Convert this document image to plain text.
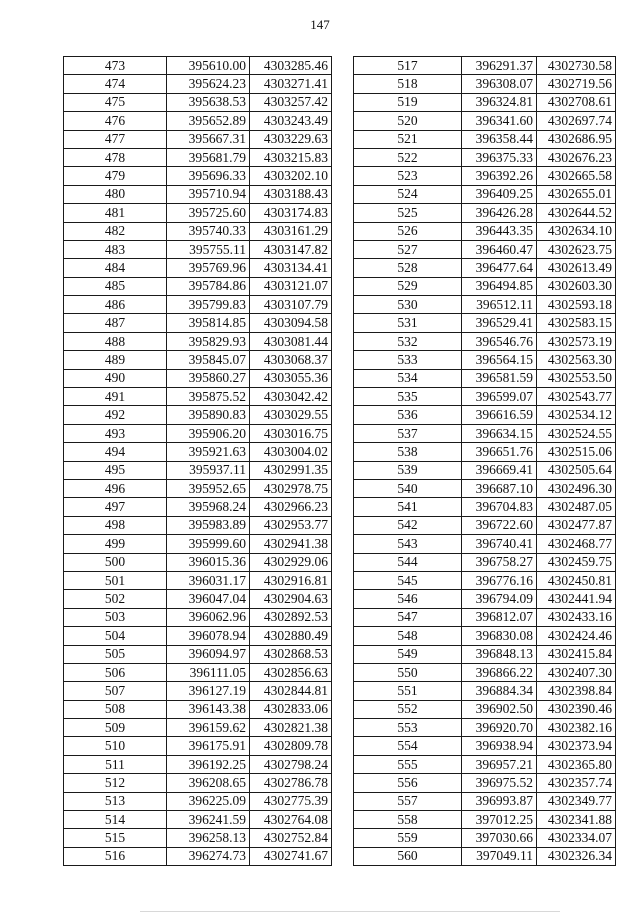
147
473	395610.00	4303285.46
474	395624.23	4303271.41
475	395638.53	4303257.42
476	395652.89	4303243.49
477	395667.31	4303229.63
478	395681.79	4303215.83
479	395696.33	4303202.10
480	395710.94	4303188.43
481	395725.60	4303174.83
482	395740.33	4303161.29
483	395755.11	4303147.82
484	395769.96	4303134.41
485	395784.86	4303121.07
486	395799.83	4303107.79
487	395814.85	4303094.58
488	395829.93	4303081.44
489	395845.07	4303068.37
490	395860.27	4303055.36
491	395875.52	4303042.42
492	395890.83	4303029.55
493	395906.20	4303016.75
494	395921.63	4303004.02
495	395937.11	4302991.35
496	395952.65	4302978.75
497	395968.24	4302966.23
498	395983.89	4302953.77
499	395999.60	4302941.38
500	396015.36	4302929.06
501	396031.17	4302916.81
502	396047.04	4302904.63
503	396062.96	4302892.53
504	396078.94	4302880.49
505	396094.97	4302868.53
506	396111.05	4302856.63
507	396127.19	4302844.81
508	396143.38	4302833.06
509	396159.62	4302821.38
510	396175.91	4302809.78
511	396192.25	4302798.24
512	396208.65	4302786.78
513	396225.09	4302775.39
514	396241.59	4302764.08
515	396258.13	4302752.84
516	396274.73	4302741.67
517	396291.37	4302730.58
518	396308.07	4302719.56
519	396324.81	4302708.61
520	396341.60	4302697.74
521	396358.44	4302686.95
522	396375.33	4302676.23
523	396392.26	4302665.58
524	396409.25	4302655.01
525	396426.28	4302644.52
526	396443.35	4302634.10
527	396460.47	4302623.75
528	396477.64	4302613.49
529	396494.85	4302603.30
530	396512.11	4302593.18
531	396529.41	4302583.15
532	396546.76	4302573.19
533	396564.15	4302563.30
534	396581.59	4302553.50
535	396599.07	4302543.77
536	396616.59	4302534.12
537	396634.15	4302524.55
538	396651.76	4302515.06
539	396669.41	4302505.64
540	396687.10	4302496.30
541	396704.83	4302487.05
542	396722.60	4302477.87
543	396740.41	4302468.77
544	396758.27	4302459.75
545	396776.16	4302450.81
546	396794.09	4302441.94
547	396812.07	4302433.16
548	396830.08	4302424.46
549	396848.13	4302415.84
550	396866.22	4302407.30
551	396884.34	4302398.84
552	396902.50	4302390.46
553	396920.70	4302382.16
554	396938.94	4302373.94
555	396957.21	4302365.80
556	396975.52	4302357.74
557	396993.87	4302349.77
558	397012.25	4302341.88
559	397030.66	4302334.07
560	397049.11	4302326.34
